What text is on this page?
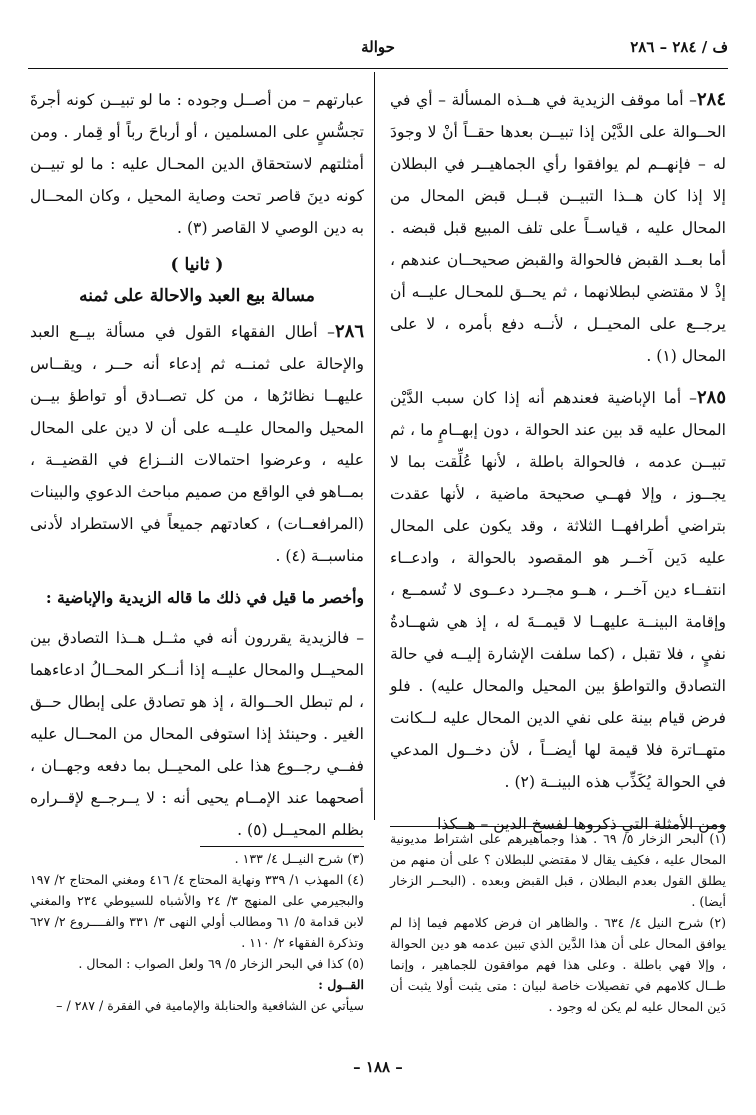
ف / ٢٨٤ – ٢٨٦
حوالة

٢٨٤– أما موقف الزيدية في هــذه المسألة – أي في الحــوالة على الدَّيْن إذا تبيــن بعدها حقــاً أنْ لا وجودَ له – فإنهــم لم يوافقوا رأي الجماهيــر في البطلان إلا إذا كان هــذا التبيــن قبــل قبض المحال من المحال عليه ، قياســاً على تلف المبيع قبل قبضه . أما بعــد القبض فالحوالة والقبض صحيحــان عندهم ، إذْ لا مقتضي لبطلانهما ، ثم يحــق للمحـال عليــه أن يرجــع على المحيــل ، لأنــه دفع بأمره ، لا على المحال (١) .

٢٨٥– أما الإباضية فعندهم أنه إذا كان سبب الدَّيْن المحال عليه قد بين عند الحوالة ، دون إبهــامٍ ما ، ثم تبيــن عدمه ، فالحوالة باطلة ، لأنها عُلِّقت بما لا يجــوز ، وإلا فهــي صحيحة ماضية ، لأنها عقدت بتراضي أطرافهــا الثلاثة ، وقد يكون على المحال عليه دَين آخــر هو المقصود بالحوالة ، وادعــاء انتفــاء دين آخــر ، هــو مجــرد دعــوى لا تُسمــع ، وإقامة البينــة عليهــا لا قيمــةَ له ، إذ هي شهــادةُ نفيٍ ، فلا تقبل ، (كما سلفت الإشارة إليــه في حالة التصادق والتواطؤ بين المحيل والمحال عليه) . فلو فرض قيام بينة على نفي الدين المحال عليه لــكانت متهــاترة فلا قيمة لها أيضــاً ، لأن دخــول المدعي في الحوالة يُكَذِّب هذه البينــة (٢) .

ومن الأمثلة التي ذكروها لفسخ الدين – هــكذا

عبارتهم – من أصــل وجوده : ما لو تبيــن كونه أجرةَ تجسُّسٍ على المسلمين ، أو أرباحَ رباً أو قِمار . ومن أمثلتهم لاستحقاق الدين المحـال عليه : ما لو تبيــن كونه دينَ قاصر تحت وصاية المحيل ، وكان المحــال به دين الوصي لا القاصر (٣) .

( ثانيا )

مسالة بيع العبد والاحالة على ثمنه

٢٨٦– أطال الفقهاء القول في مسألة بيــع العبد والإحالة على ثمنــه ثم إدعاء أنه حــر ، ويقــاس عليهــا نظائرُها ، من كل تصــادق أو تواطؤ بيــن المحيل والمحال عليــه على أن لا دين على المحال عليه ، وعرضوا احتمالات النــزاع في القضيــة ، بمــاهو في الواقع من صميم مباحث الدعوي والبينات (المرافعــات) ، كعادتهم جميعاً في الاستطراد لأدنى مناسبــة (٤) .

وأخصر ما قيل في ذلك ما قاله الزيدية والإباضية :

– فالزيدية يقررون أنه في مثــل هــذا التصادق بين المحيــل والمحال عليــه إذا أنــكر المحــالُ ادعاءهما ، لم تبطل الحــوالة ، إذ هو تصادق على إبطال حــق الغير . وحينئذ إذا استوفى المحال من المحــال عليه ففــي رجــوع هذا على المحيــل بما دفعه وجهــان ، أصحهما عند الإمــام يحيى أنه : لا يــرجــع لإقــراره بظلم المحيــل (٥) . (١) البحر الزخار ٥/ ٦٩ . هذا وجماهيرهم على اشتراط مديونية المحال عليه ، فكيف يقال لا مقتضي للبطلان ؟ على أن منهم من يطلق القول بعدم البطلان ، قبل القبض وبعده . (البحــر الزخار أيضا) .

(٢) شرح النيل ٤/ ٦٣٤ . والظاهر ان فرض كلامهم فيما إذا لم يوافق المحال على أن هذا الدَّين الذي تبين عدمه هو دين الحوالة ، وإلا فهي باطلة . وعلى هذا فهم موافقون للجماهير ، وإنما طــال كلامهم في تفصيلات خاصة لبيان : متى يثبت أولا يثبت أن دَين المحال عليه لم يكن له وجود .

(٣) شرح النيــل ٤/ ١٣٣ .

(٤) المهذب ١/ ٣٣٩ ونهاية المحتاج ٤/ ٤١٦ ومغني المحتاج ٢/ ١٩٧ والبجيرمي على المنهج ٣/ ٢٤ والأشباه للسيوطي ٢٣٤ والمغني لابن قدامة ٥/ ٦١ ومطالب أولي النهى ٣/ ٣٣١ والفــــروع ٢/ ٦٢٧ وتذكرة الفقهاء ٢/ ١١٠ .

(٥) كذا في البحر الزخار ٥/ ٦٩ ولعل الصواب : المحال .

القــول :

سيأتي عن الشافعية والحنابلة والإمامية في الفقرة / ٢٨٧ / –

– ١٨٨ –
